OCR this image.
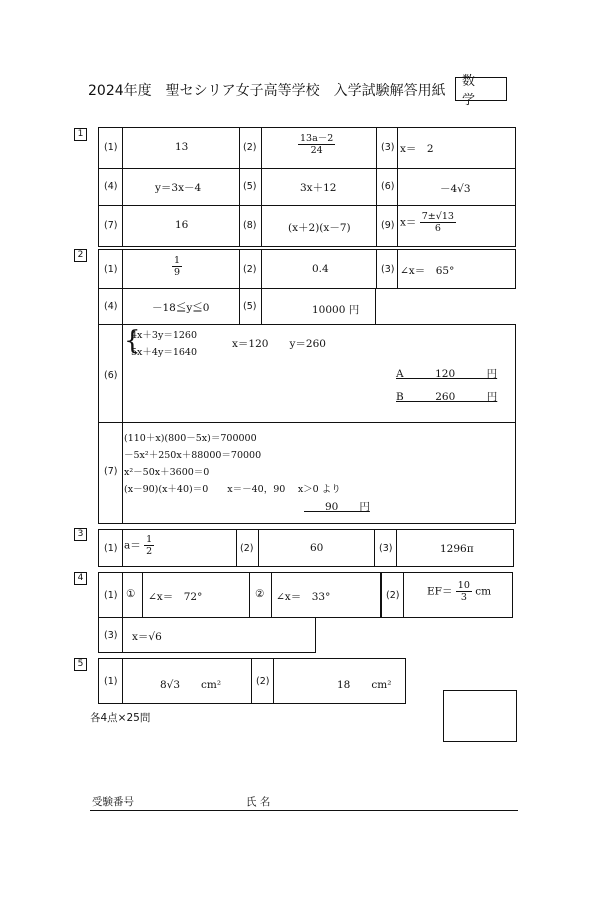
2024年度　聖セシリア女子高等学校　入学試験解答用紙
数　学
1
(1)	13	(2)	$\frac{13a-2}{24}$	(3) x＝　2
(4)	y＝3x－4	(5)	3x＋12	(6)	－4√3
(7)	16	(8)	(x＋2)(x－7)	(9) $x= \frac{7\pm√13}{6}$
2
(1)	$\frac{1}{9}$	(2)	0.4	(3) ∠x＝　65°
(4)	－18≦y≦0	(5)	10000 円
(6)
{
4x＋3y＝1260
5x＋4y＝1640
x＝120　　y＝260
A　　　120　　　円
B　　　260　　　円
(7)
(110＋x)(800－5x)＝700000
－5x²＋250x＋88000＝70000
x²－50x＋3600＝0
(x－90)(x＋40)＝0　　x＝－40，90　 x＞0 より
　　90　　円
3
(1) $a= \frac{1}{2}$	(2)	60	(3)	1296π
4
(1) ① ∠x＝　72°	② ∠x＝　33°	(2)	$EF= \frac{10}{3}$ cm
(3) x＝√6
5
(1)	8√3　　cm²	(2)	18　　cm²
各4点×25問
受験番号	氏 名
